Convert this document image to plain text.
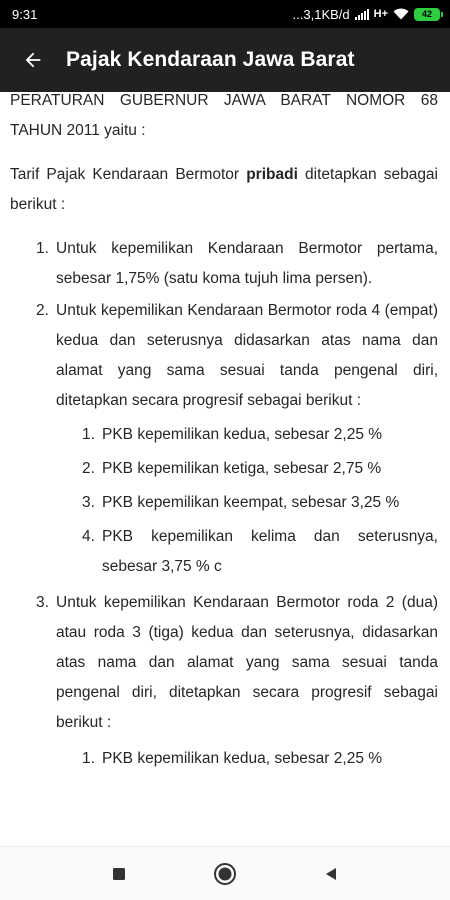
9:31	...3,1KB/d H+	42
Pajak Kendaraan Jawa Barat

PERATURAN GUBERNUR JAWA BARAT NOMOR 68 TAHUN 2011 yaitu :

Tarif Pajak Kendaraan Bermotor pribadi ditetapkan sebagai berikut :

1. Untuk kepemilikan Kendaraan Bermotor pertama, sebesar 1,75% (satu koma tujuh lima persen).
2. Untuk kepemilikan Kendaraan Bermotor roda 4 (empat) kedua dan seterusnya didasarkan atas nama dan alamat yang sama sesuai tanda pengenal diri, ditetapkan secara progresif sebagai berikut :
1. PKB kepemilikan kedua, sebesar 2,25 %
2. PKB kepemilikan ketiga, sebesar 2,75 %
3. PKB kepemilikan keempat, sebesar 3,25 %
4. PKB kepemilikan kelima dan seterusnya, sebesar 3,75 % c
3. Untuk kepemilikan Kendaraan Bermotor roda 2 (dua) atau roda 3 (tiga) kedua dan seterusnya, didasarkan atas nama dan alamat yang sama sesuai tanda pengenal diri, ditetapkan secara progresif sebagai berikut :
1. PKB kepemilikan kedua, sebesar 2,25 %
